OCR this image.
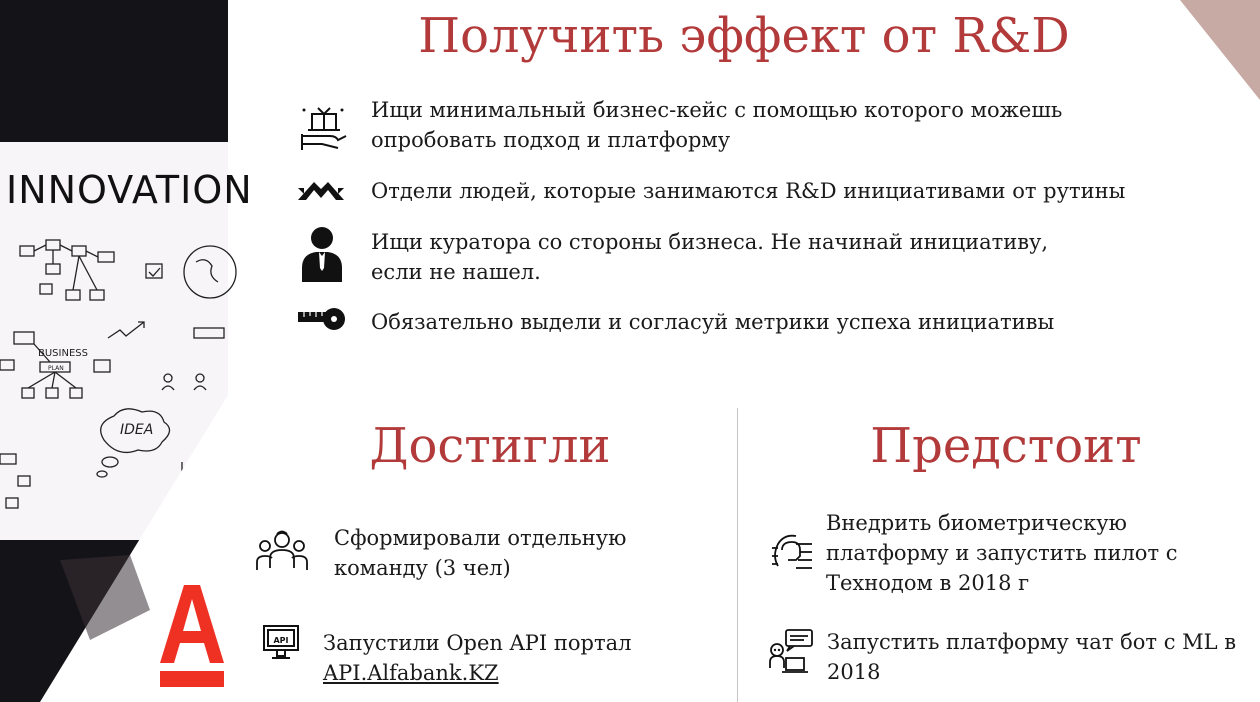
INNOVATION
BUSINESS
PLAN
IDEA
Получить эффект от R&D
Ищи минимальный бизнес-кейс с помощью которого можешь
опробовать подход и платформу
Отдели людей, которые занимаются R&D инициативами от рутины
Ищи куратора со стороны бизнеса. Не начинай инициативу,
если не нашел.
Обязательно выдели и согласуй метрики успеха инициативы
Достигли	Предстоит
Сформировали отдельную
команду (3 чел)
API Запустили Open API портал
API.Alfabank.KZ
Внедрить биометрическую
платформу и запустить пилот с
Технодом в 2018 г
Запустить платформу чат бот с ML в
2018
